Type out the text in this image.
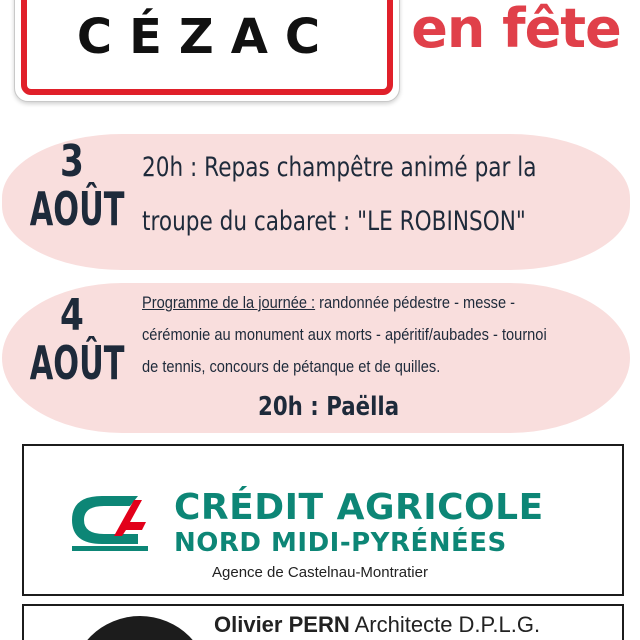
CÉZAC en fête
3
AOÛT
20h : Repas champêtre animé par la
troupe du cabaret : "LE ROBINSON"
4
AOÛT
Programme de la journée : randonnée pédestre - messe -
cérémonie au monument aux morts - apéritif/aubades - tournoi
de tennis, concours de pétanque et de quilles.
20h : Paëlla
CRÉDIT AGRICOLE
NORD MIDI-PYRÉNÉES
Agence de Castelnau-Montratier
Olivier PERN Architecte D.P.L.G.
